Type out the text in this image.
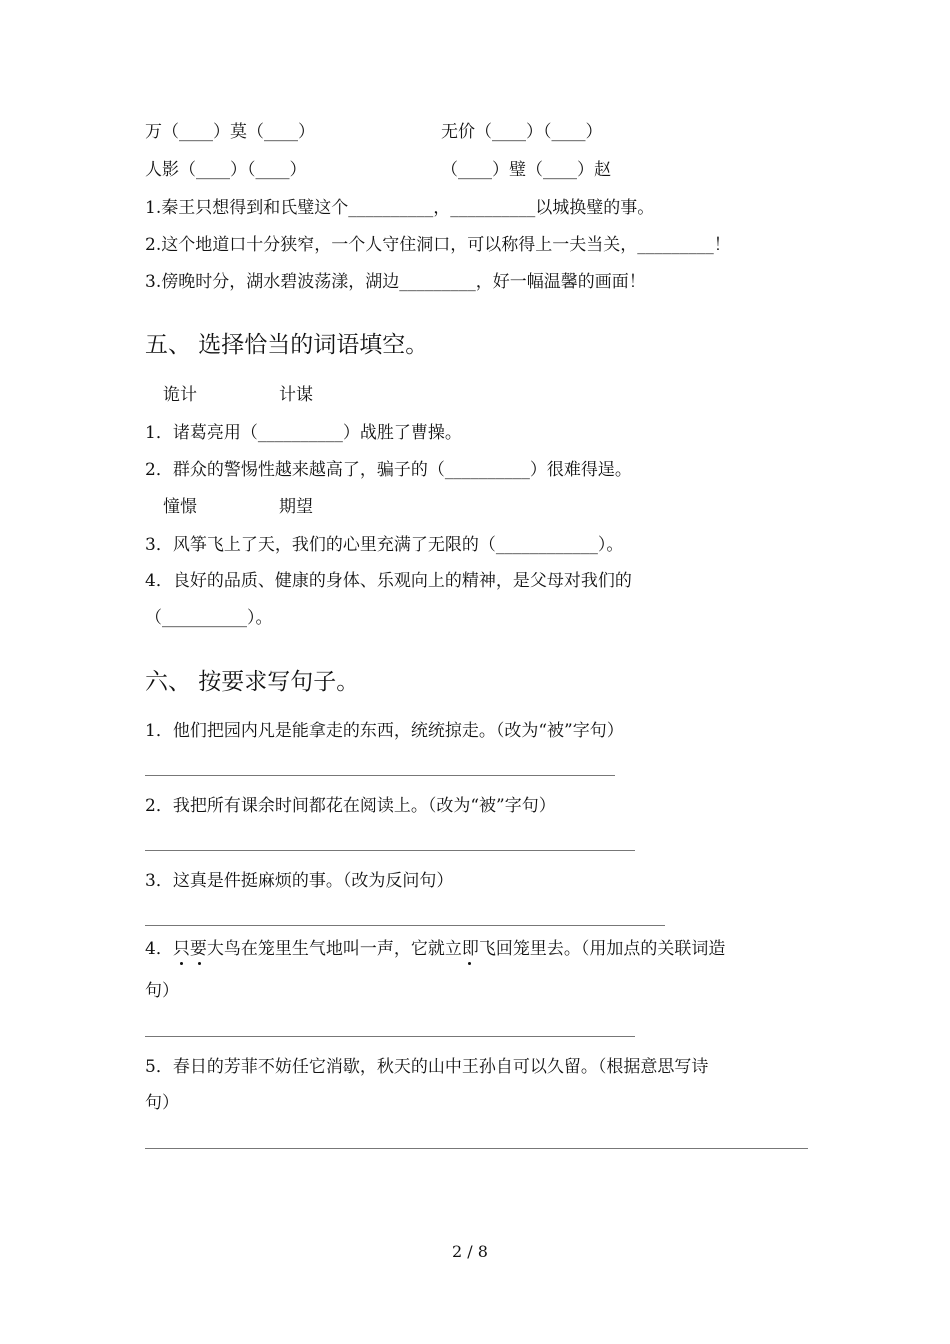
万（____）莫（____）	无价（____）（____）
人影（____）（____）	（____）璧（____）赵
1.秦王只想得到和氏璧这个__________，__________以城换璧的事。
2.这个地道口十分狭窄，一个人守住洞口，可以称得上一夫当关，_________！
3.傍晚时分，湖水碧波荡漾，湖边_________，好一幅温馨的画面！
五、 选择恰当的词语填空。
诡计	计谋
1．诸葛亮用（__________）战胜了曹操。
2．群众的警惕性越来越高了，骗子的（__________）很难得逞。
憧憬	期望
3．风筝飞上了天，我们的心里充满了无限的（____________）。
4．良好的品质、健康的身体、乐观向上的精神，是父母对我们的
（__________）。
六、 按要求写句子。
1．他们把园内凡是能拿走的东西，统统掠走。（改为“被”字句）
2．我把所有课余时间都花在阅读上。（改为“被”字句）
3．这真是件挺麻烦的事。（改为反问句）
4．只要大鸟在笼里生气地叫一声，它就立即飞回笼里去。（用加点的关联词造
句）
5．春日的芳菲不妨任它消歇，秋天的山中王孙自可以久留。（根据意思写诗
句）
2 / 8
